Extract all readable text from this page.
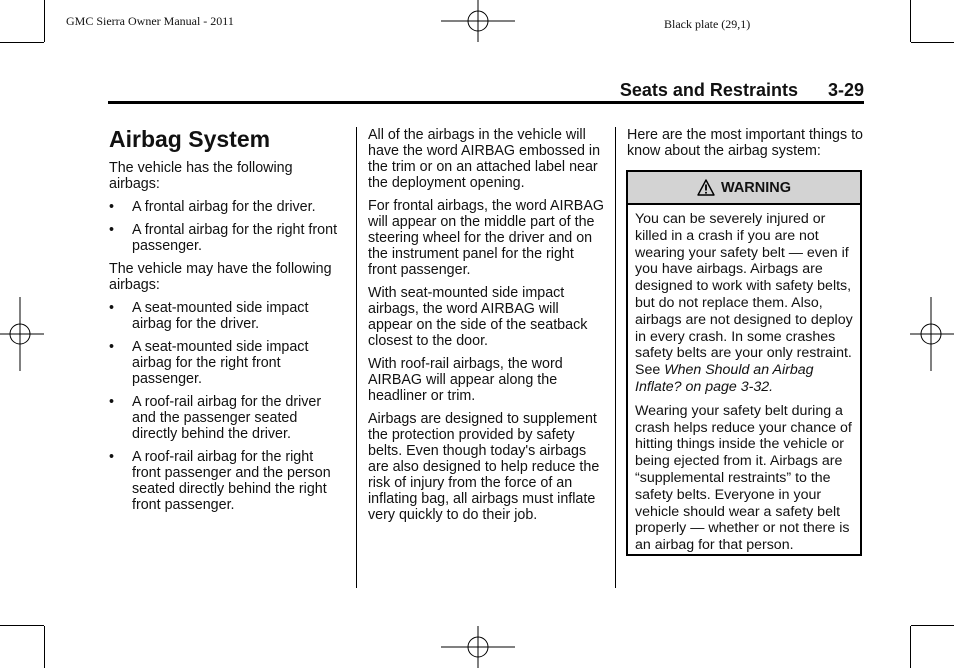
GMC Sierra Owner Manual - 2011	Black plate (29,1)
Seats and Restraints 3-29
Airbag System

The vehicle has the following airbags:

• A frontal airbag for the driver.
• A frontal airbag for the right front passenger.

The vehicle may have the following airbags:

• A seat-mounted side impact airbag for the driver.
• A seat-mounted side impact airbag for the right front passenger.
• A roof-rail airbag for the driver and the passenger seated directly behind the driver.
• A roof-rail airbag for the right front passenger and the person seated directly behind the right front passenger.

All of the airbags in the vehicle will have the word AIRBAG embossed in the trim or on an attached label near the deployment opening.

For frontal airbags, the word AIRBAG will appear on the middle part of the steering wheel for the driver and on the instrument panel for the right front passenger.

With seat-mounted side impact airbags, the word AIRBAG will appear on the side of the seatback closest to the door.

With roof-rail airbags, the word AIRBAG will appear along the headliner or trim.

Airbags are designed to supplement the protection provided by safety belts. Even though today's airbags are also designed to help reduce the risk of injury from the force of an inflating bag, all airbags must inflate very quickly to do their job.

Here are the most important things to know about the airbag system:

WARNING

You can be severely injured or killed in a crash if you are not wearing your safety belt — even if you have airbags. Airbags are designed to work with safety belts, but do not replace them. Also, airbags are not designed to deploy in every crash. In some crashes safety belts are your only restraint. See When Should an Airbag Inflate? on page 3-32.

Wearing your safety belt during a crash helps reduce your chance of hitting things inside the vehicle or being ejected from it. Airbags are “supplemental restraints” to the safety belts. Everyone in your vehicle should wear a safety belt properly — whether or not there is an airbag for that person.
